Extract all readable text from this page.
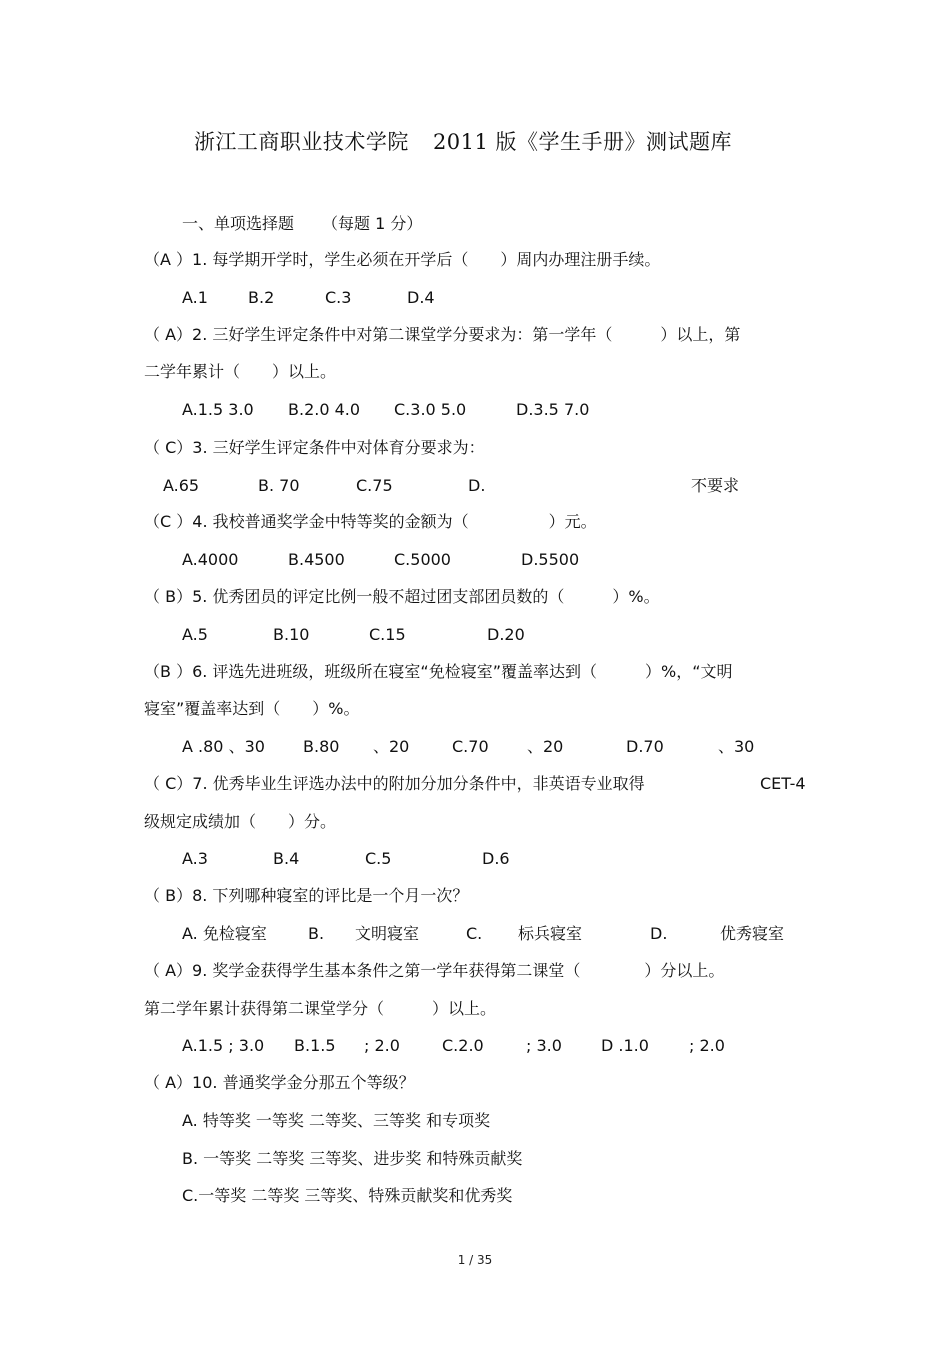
浙江工商职业技术学院 2011 版《学生手册》测试题库
一、单项选择题 （每题 1 分）
（A ）1. 每学期开学时，学生必须在开学后（　　）周内办理注册手续。
A.1	B.2	C.3	D.4
（ A）2. 三好学生评定条件中对第二课堂学分要求为：第一学年（　　　）以上，第
二学年累计（　　）以上。
A.1.5 3.0 B.2.0 4.0 C.3.0 5.0	D.3.5 7.0
（ C）3. 三好学生评定条件中对体育分要求为：
A.65	B. 70	C.75	D.	不要求
（C ）4. 我校普通奖学金中特等奖的金额为（　　　　　）元。
A.4000	B.4500	C.5000	D.5500
（ B）5. 优秀团员的评定比例一般不超过团支部团员数的（　　　）%。
A.5	B.10	C.15	D.20
（B ）6. 评选先进班级，班级所在寝室“免检寝室”覆盖率达到（　　　）%，“文明
寝室”覆盖率达到（　　）%。
A .80 、30 B.80 、20	C.70 、20	D.70	、30
（ C）7. 优秀毕业生评选办法中的附加分加分条件中，非英语专业取得	CET-4
级规定成绩加（　　）分。
A.3	B.4	C.5	D.6
（ B）8. 下列哪种寝室的评比是一个月一次？
A. 免检寝室	B. 文明寝室	C. 标兵寝室	D.	优秀寝室
（ A）9. 奖学金获得学生基本条件之第一学年获得第二课堂（　　　　）分以上。
第二学年累计获得第二课堂学分（　　　）以上。
A.1.5 ; 3.0 B.1.5 ; 2.0	C.2.0	; 3.0 D .1.0	; 2.0
（ A）10. 普通奖学金分那五个等级？
A. 特等奖 一等奖 二等奖、三等奖 和专项奖
B. 一等奖 二等奖 三等奖、进步奖 和特殊贡献奖
C.一等奖 二等奖 三等奖、特殊贡献奖和优秀奖
1 / 35
